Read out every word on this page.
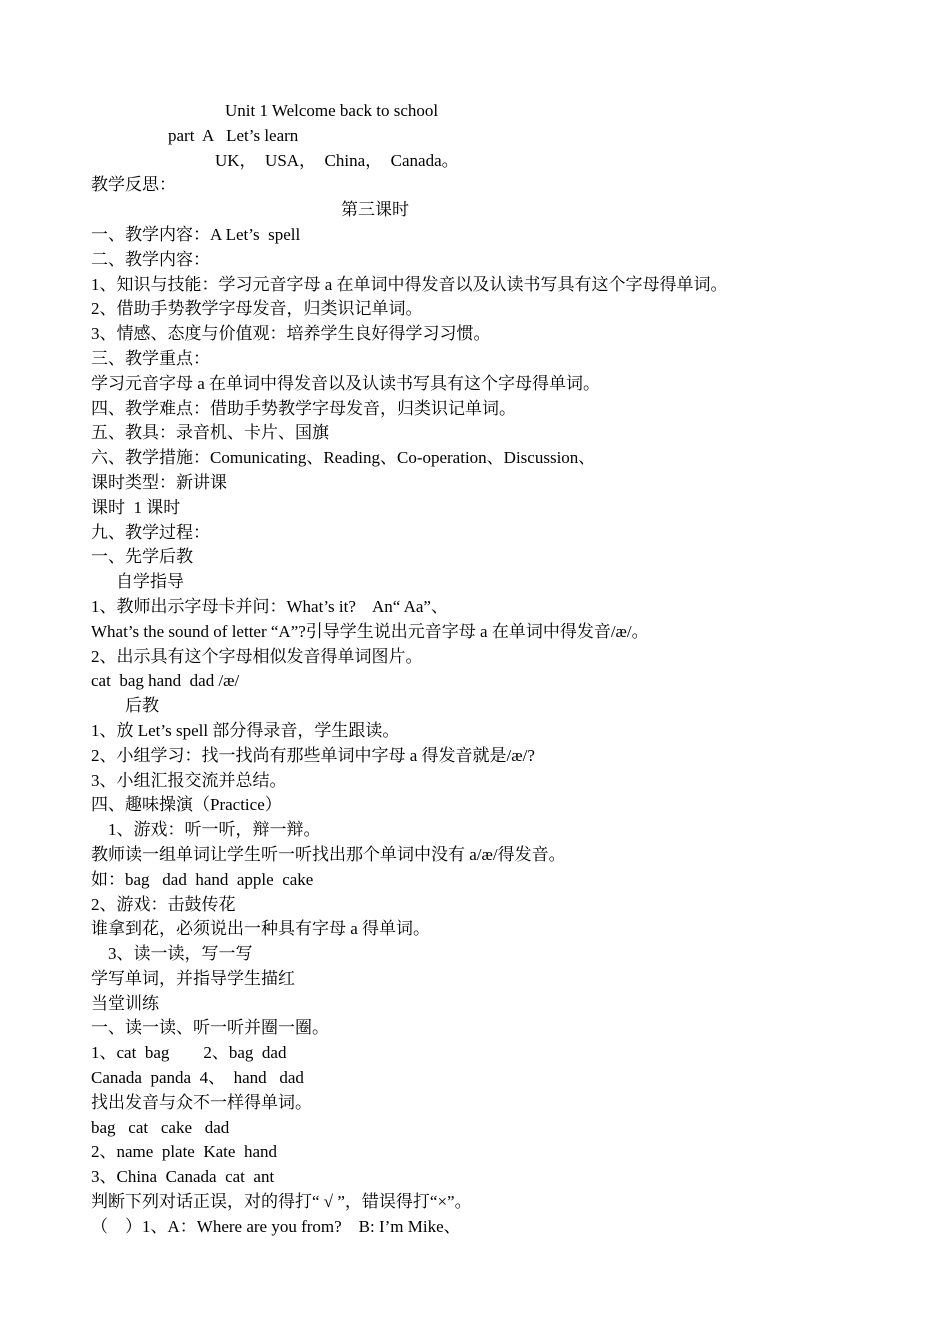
Unit 1 Welcome back to school
part  A   Let’s learn
UK，  USA，  China，  Canada。
教学反思：
第三课时
一、教学内容：A Let’s  spell
二、教学内容：
1、知识与技能：学习元音字母 a 在单词中得发音以及认读书写具有这个字母得单词。
2、借助手势教学字母发音，归类识记单词。
3、情感、态度与价值观：培养学生良好得学习习惯。
三、教学重点：
学习元音字母 a 在单词中得发音以及认读书写具有这个字母得单词。
四、教学难点：借助手势教学字母发音，归类识记单词。
五、教具：录音机、卡片、国旗
六、教学措施：Comunicating、Reading、Co-operation、Discussion、
课时类型：新讲课
课时  1 课时
九、教学过程：
一、先学后教
自学指导
1、教师出示字母卡并问：What’s it?    An“ Aa”、
What’s the sound of letter “A”?引导学生说出元音字母 a 在单词中得发音/æ/。
2、出示具有这个字母相似发音得单词图片。
cat  bag hand  dad /æ/
后教
1、放 Let’s spell 部分得录音，学生跟读。
2、小组学习：找一找尚有那些单词中字母 a 得发音就是/æ/?
3、小组汇报交流并总结。
四、趣味操演（Practice）
1、游戏：听一听，辩一辩。
教师读一组单词让学生听一听找出那个单词中没有 a/æ/得发音。
如：bag   dad  hand  apple  cake
2、游戏：击鼓传花
谁拿到花，必须说出一种具有字母 a 得单词。
3、读一读，写一写
学写单词，并指导学生描红
当堂训练
一、读一读、听一听并圈一圈。
1、cat  bag        2、bag  dad
Canada  panda  4、  hand   dad
找出发音与众不一样得单词。
bag   cat   cake   dad
2、name  plate  Kate  hand
3、China  Canada  cat  ant
判断下列对话正误，对的得打“ √ ”，错误得打“×”。
（    ）1、A：Where are you from?    B: I’m Mike、
